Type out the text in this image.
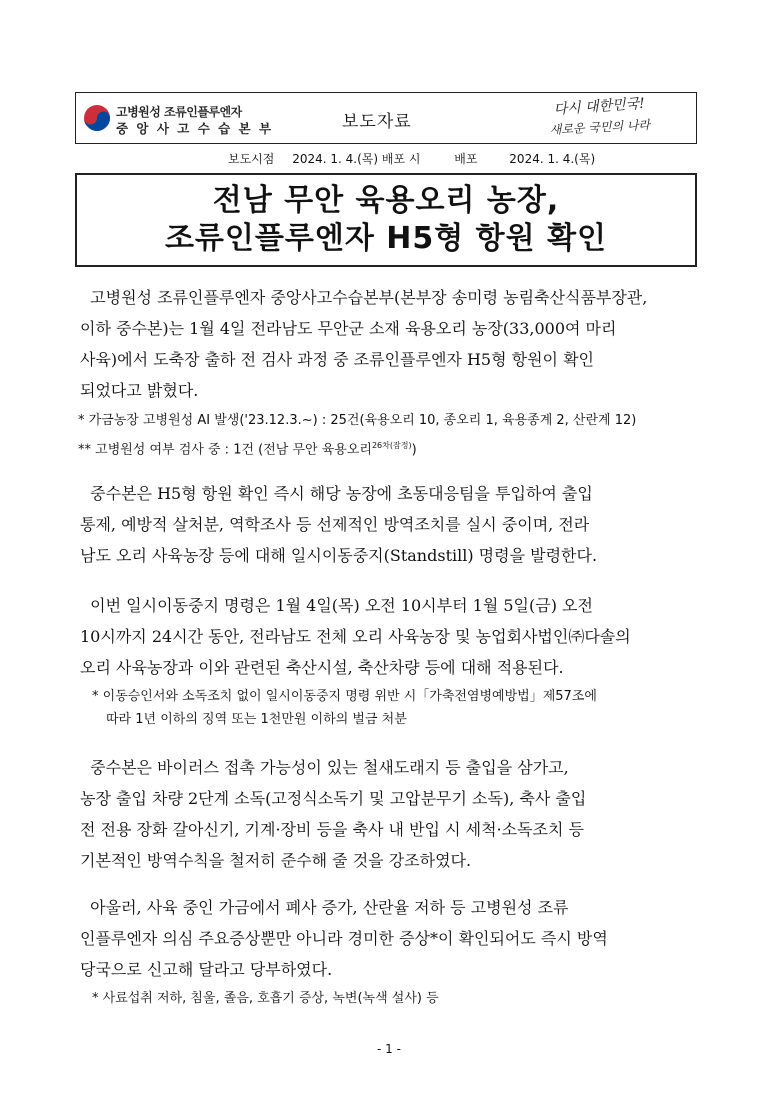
고병원성 조류인플루엔자
중 앙 사 고 수 습 본 부	보도자료
다시 대한민국!
새로운 국민의 나라
보도시점 2024. 1. 4.(목) 배포 시	배포	2024. 1. 4.(목)
전남 무안 육용오리 농장,
조류인플루엔자 H5형 항원 확인
고병원성 조류인플루엔자 중앙사고수습본부(본부장 송미령 농림축산식품부장관,
이하 중수본)는 1월 4일 전라남도 무안군 소재 육용오리 농장(33,000여 마리
사육)에서 도축장 출하 전 검사 과정 중 조류인플루엔자 H5형 항원이 확인
되었다고 밝혔다.
* 가금농장 고병원성 AI 발생('23.12.3.~) : 25건(육용오리 10, 종오리 1, 육용종계 2, 산란계 12)
** 고병원성 여부 검사 중 : 1건 (전남 무안 육용오리$^{26차(잠정)}$)
중수본은 H5형 항원 확인 즉시 해당 농장에 초동대응팀을 투입하여 출입
통제, 예방적 살처분, 역학조사 등 선제적인 방역조치를 실시 중이며, 전라
남도 오리 사육농장 등에 대해 일시이동중지(Standstill) 명령을 발령한다.
이번 일시이동중지 명령은 1월 4일(목) 오전 10시부터 1월 5일(금) 오전
10시까지 24시간 동안, 전라남도 전체 오리 사육농장 및 농업회사법인㈜다솔의
오리 사육농장과 이와 관련된 축산시설, 축산차량 등에 대해 적용된다.
* 이동승인서와 소독조치 없이 일시이동중지 명령 위반 시「가축전염병예방법」제57조에
따라 1년 이하의 징역 또는 1천만원 이하의 벌금 처분
중수본은 바이러스 접촉 가능성이 있는 철새도래지 등 출입을 삼가고,
농장 출입 차량 2단계 소독(고정식소독기 및 고압분무기 소독), 축사 출입
전 전용 장화 갈아신기, 기계·장비 등을 축사 내 반입 시 세척·소독조치 등
기본적인 방역수칙을 철저히 준수해 줄 것을 강조하였다.
아울러, 사육 중인 가금에서 폐사 증가, 산란율 저하 등 고병원성 조류
인플루엔자 의심 주요증상뿐만 아니라 경미한 증상*이 확인되어도 즉시 방역
당국으로 신고해 달라고 당부하였다.
* 사료섭취 저하, 침울, 졸음, 호흡기 증상, 녹변(녹색 설사) 등
- 1 -
